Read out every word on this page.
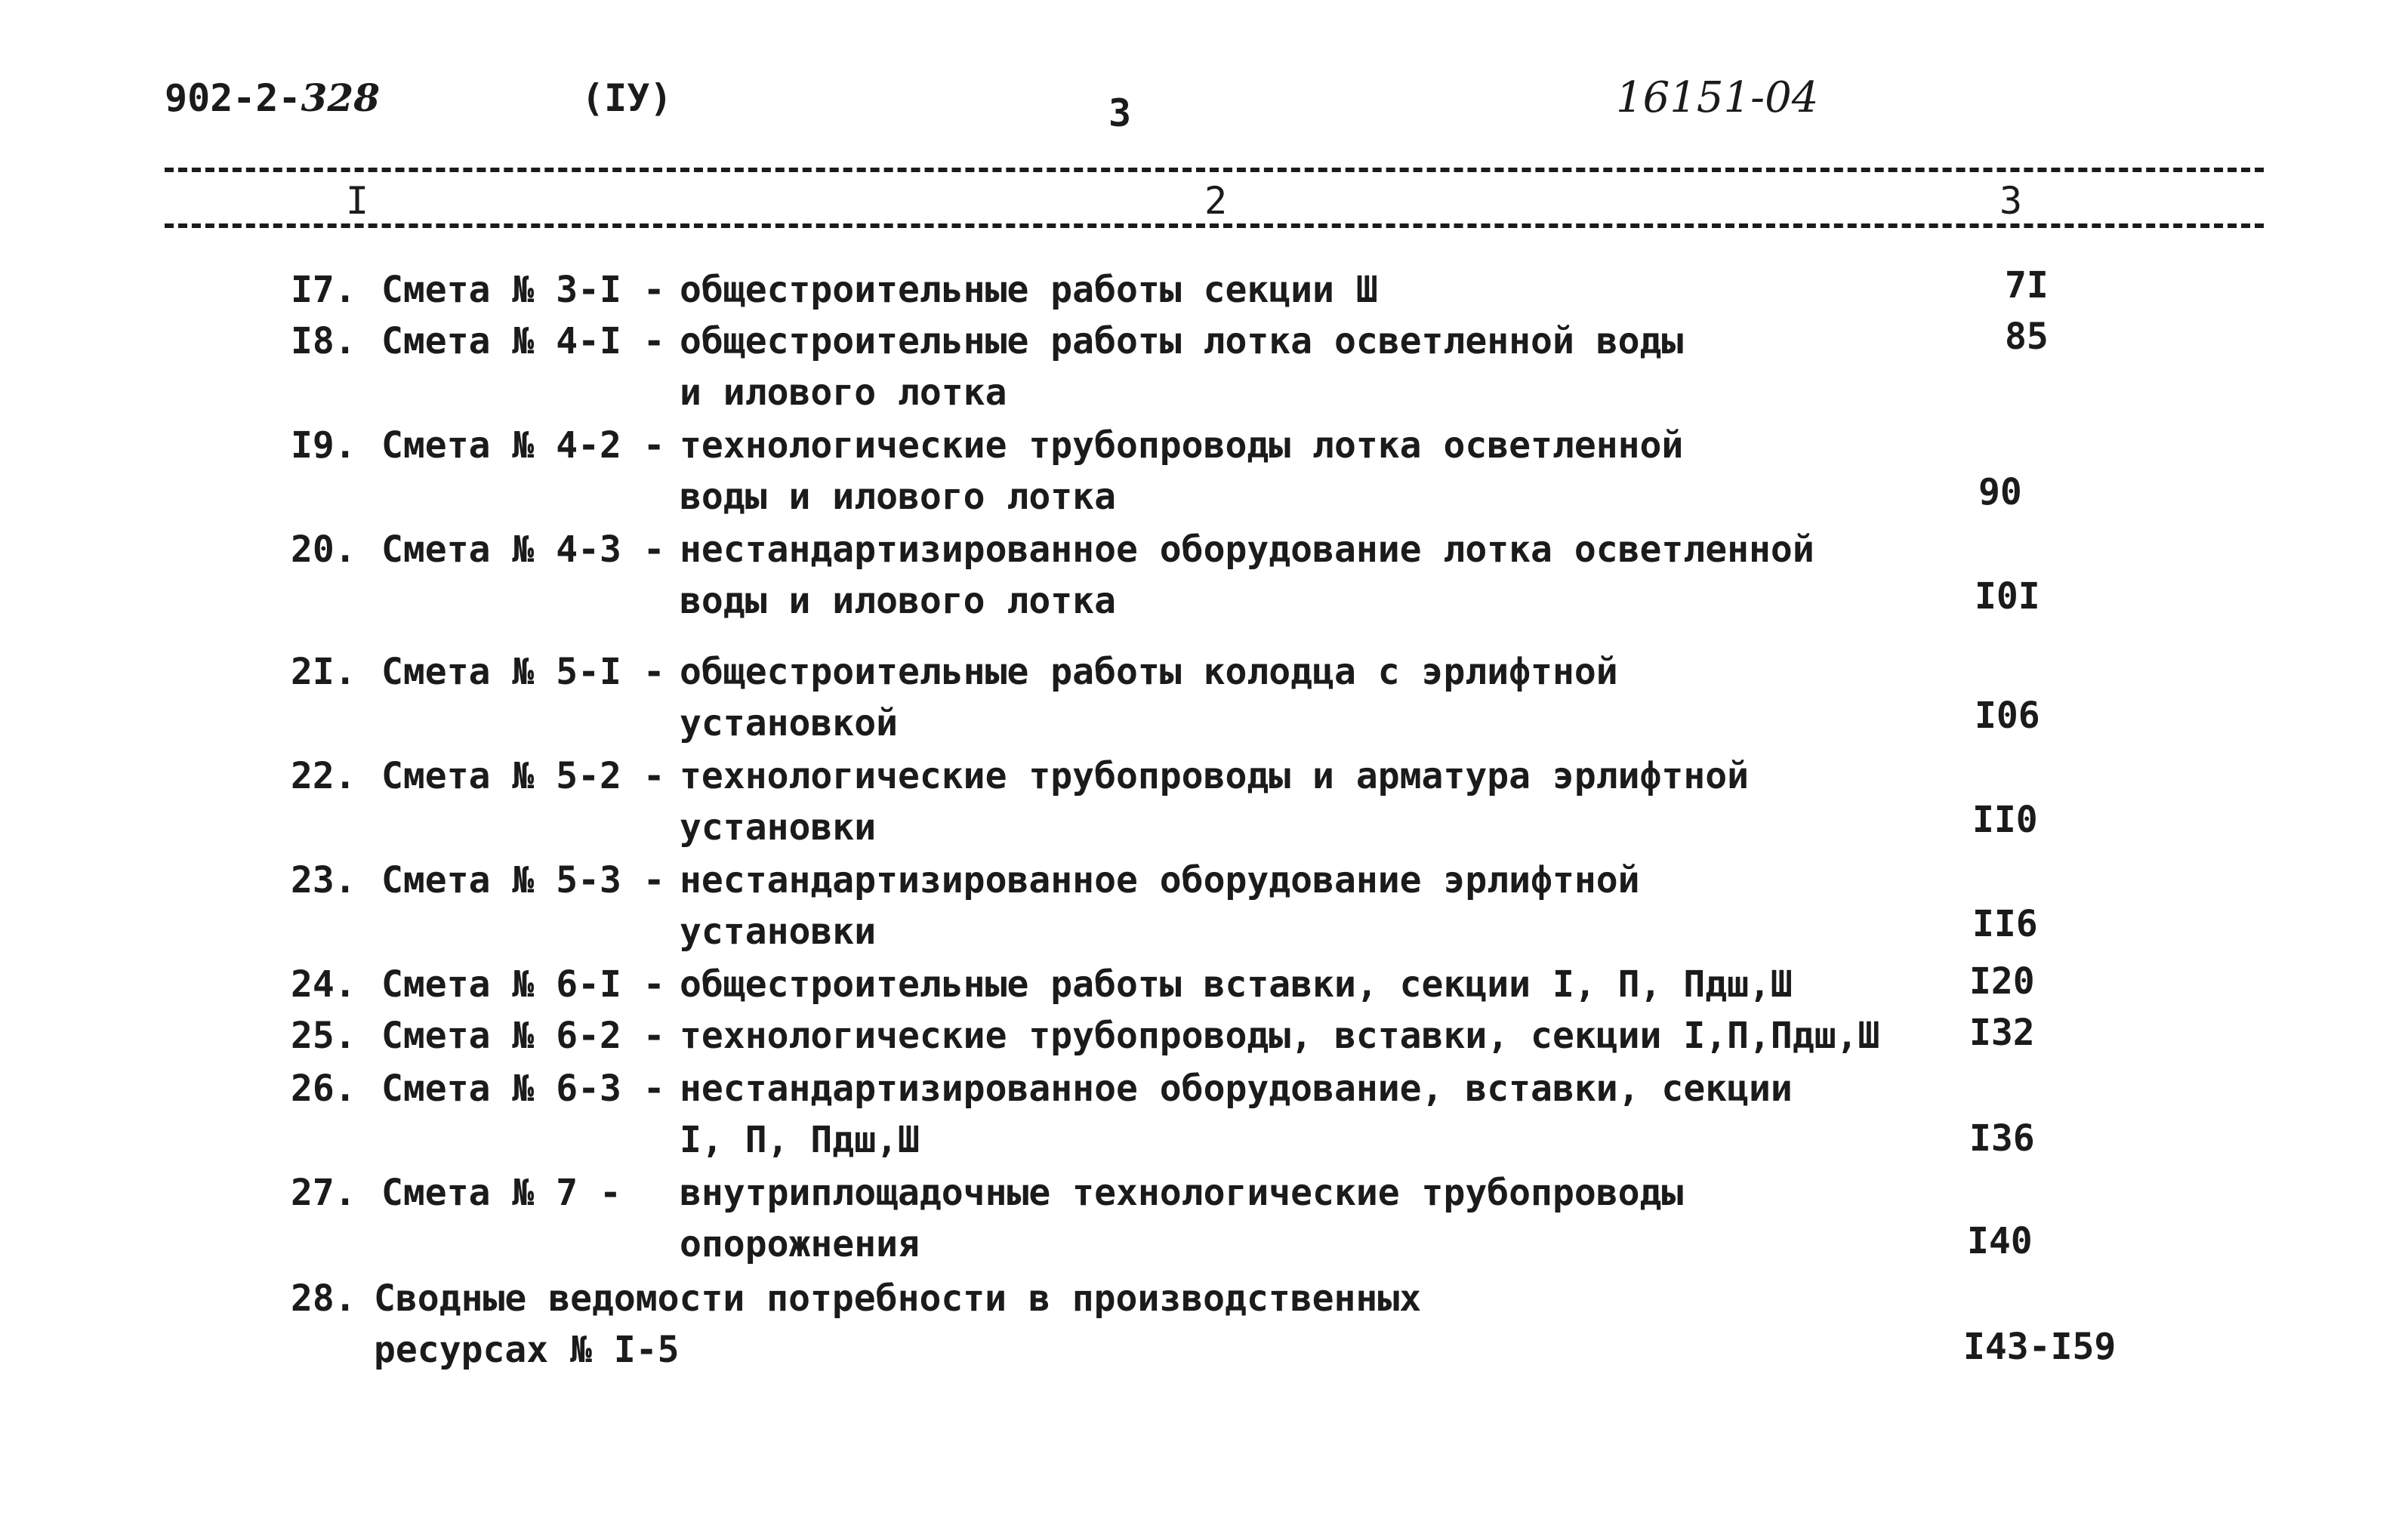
902-2-328	(IУ)	3	16151-04
I	2	3
I7. Смета № 3-I - общестроительные работы секции Ш	7I
I8. Смета № 4-I - общестроительные работы лотка осветленной воды
и илового лотка
85
I9. Смета № 4-2 - технологические трубопроводы лотка осветленной
воды и илового лотка	90
20. Смета № 4-3 - нестандартизированное оборудование лотка осветленной
воды и илового лотка	I0I
2I. Смета № 5-I - общестроительные работы колодца с эрлифтной
установкой	I06
22. Смета № 5-2 - технологические трубопроводы и арматура эрлифтной
установки	II0
23. Смета № 5-3 - нестандартизированное оборудование эрлифтной
установки	II6
24. Смета № 6-I - общестроительные работы вставки, секции I, П, Пдш,Ш	I20
25. Смета № 6-2 - технологические трубопроводы, вставки, секции I,П,Пдш,Ш I32
26. Смета № 6-3 - нестандартизированное оборудование, вставки, секции
I, П, Пдш,Ш	I36
27. Смета № 7 - внутриплощадочные технологические трубопроводы
опорожнения	I40
28. Сводные ведомости потребности в производственных
ресурсах № I-5	I43-I59
